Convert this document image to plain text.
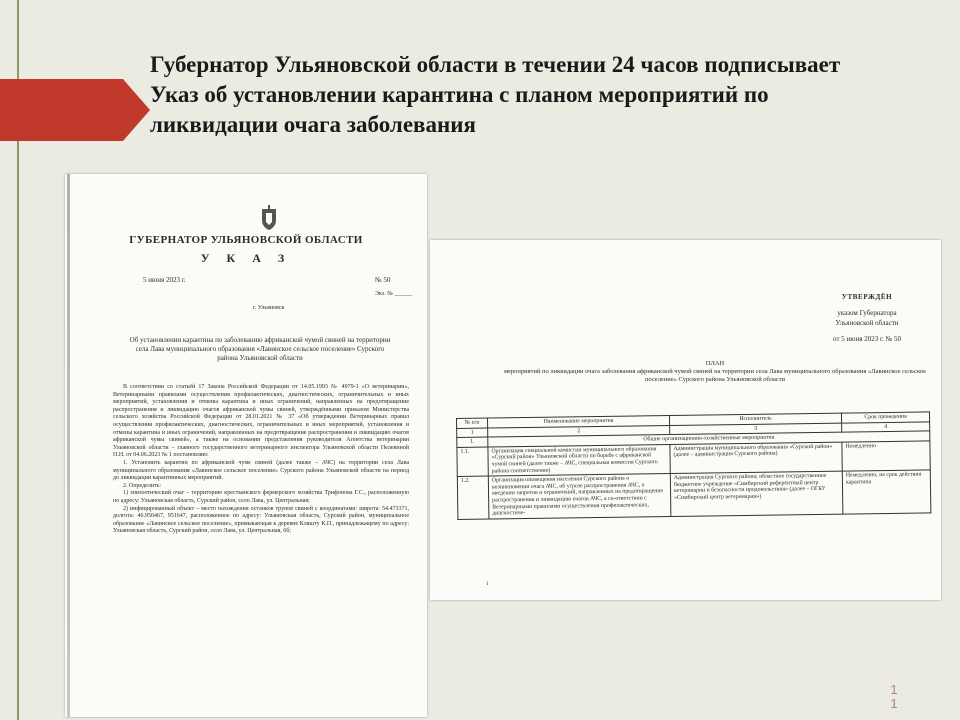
Губернатор Ульяновской области в течении 24 часов подписывает Указ об установлении карантина с планом мероприятий по ликвидации очага заболевания
ГУБЕРНАТОР УЛЬЯНОВСКОЙ ОБЛАСТИ
У К А З
5 июня 2023 г.	№ 50
Экз. № ______
г. Ульяновск
Об установлении карантина по заболеванию африканской чумой свиней на территории села Лава муниципального образования «Лавинское сельское поселение» Сурского района Ульяновской области

В соответствии со статьёй 17 Закона Российской Федерации от 14.05.1993 № 4979-1 «О ветеринарии», Ветеринарными правилами осуществления профилактических, диагностических, ограничительных и иных мероприятий, установления и отмены карантина и иных ограничений, направленных на предотвращение распространения и ликвидацию очагов африканской чумы свиней, утверждёнными приказом Министерства сельского хозяйства Российской Федерации от 28.01.2021 № 37 «Об утверждении Ветеринарных правил осуществления профилактических, диагностических, ограничительных и иных мероприятий, установления и отмены карантина и иных ограничений, направленных на предотвращение распространения и ликвидацию очагов африканской чумы свиней», а также на основании представления руководителя Агентства ветеринарии Ульяновской области – главного государственного ветеринарного инспектора Ульяновской области Пелевиной П.Н. от 04.06.2023 № 1 постановляю:

1. Установить карантин по африканской чуме свиней (далее также – АЧС) на территории села Лава муниципального образования «Лавинское сельское поселение» Сурского района Ульяновской области на период до ликвидации карантинных мероприятий.

2. Определить:

1) эпизоотический очаг – территорию крестьянского фермерского хозяйства Трифонова Г.С., расположенную по адресу: Ульяновская область, Сурский район, село Лава, ул. Центральная;

2) инфицированный объект – место нахождения останков трупов свиней с координатами: широта: 54.473371, долгота: 46.950467, 951647, расположенное по адресу: Ульяновская область, Сурский район, муниципальное образование «Лавинское сельское поселение», примыкающая к деревне Кляшту К.П., принадлежащему по адресу: Ульяновская область, Сурский район, село Лава, ул. Центральная, 6б;

УТВЕРЖДЁН
указом Губернатора
Ульяновской области
от 5 июня 2023 г. № 50
ПЛАН
мероприятий по ликвидации очага заболевания африканской чумой свиней на территории села Лава муниципального образования «Лавинское сельское поселение» Сурского района Ульяновской области
№ п/п	Наименование мероприятия	Исполнитель	Срок проведения
1	2	3	4
1.	Общие организационно-хозяйственные мероприятия		
1.1.	Организация специальной комиссии муниципального образования «Сурский район» Ульяновской области по борьбе с африканской чумой свиней (далее также – АЧС, специальная комиссия Сурского района соответственно)	Администрация муниципального образования «Сурский район» (далее – администрация Сурского района)	Немедленно
1.2.	Организация оповещения населения Сурского района о возникновении очага АЧС, об угрозе распространения АЧС, о введении запретов и ограничений, направленных на предотвращение распространения и ликвидацию очагов АЧС, а со-ответствии с Ветеринарными правилами осуществления профилактических, диагностиче-	Администрация Сурского района; областное государственное бюджетное учреждение «Симбирский референтный центр ветеринарии и безопасности продовольствия» (далее – ОГБУ «Симбирский центр ветеринарии»)	Немедленно, на срок действия карантина
1
1
1
